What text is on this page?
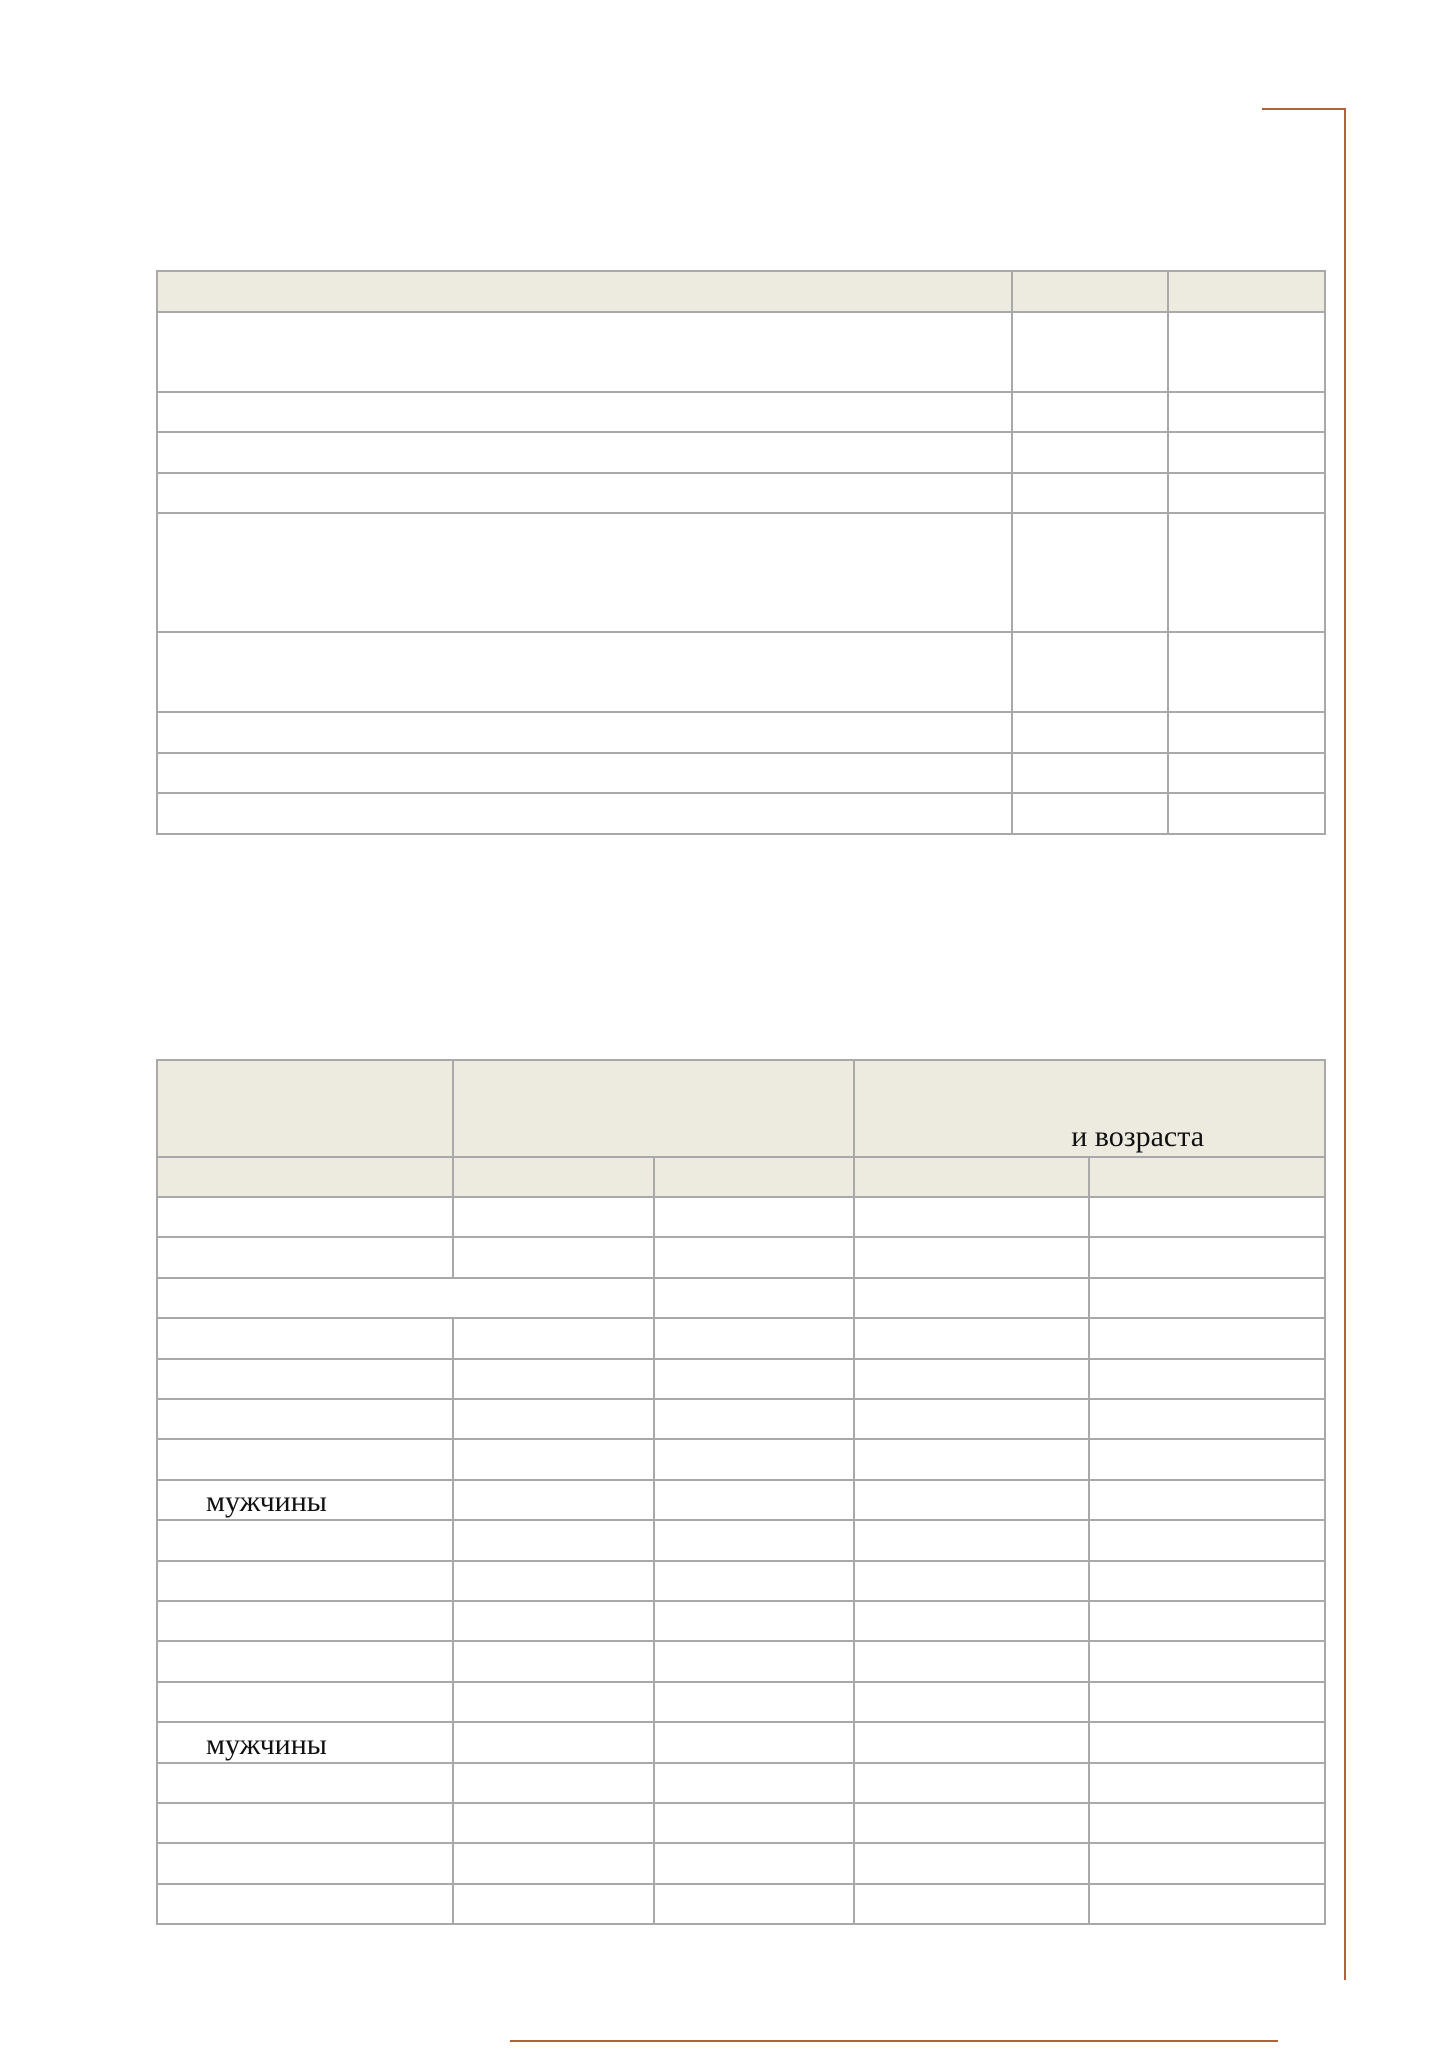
			и возраста	

мужчины				

мужчины				
